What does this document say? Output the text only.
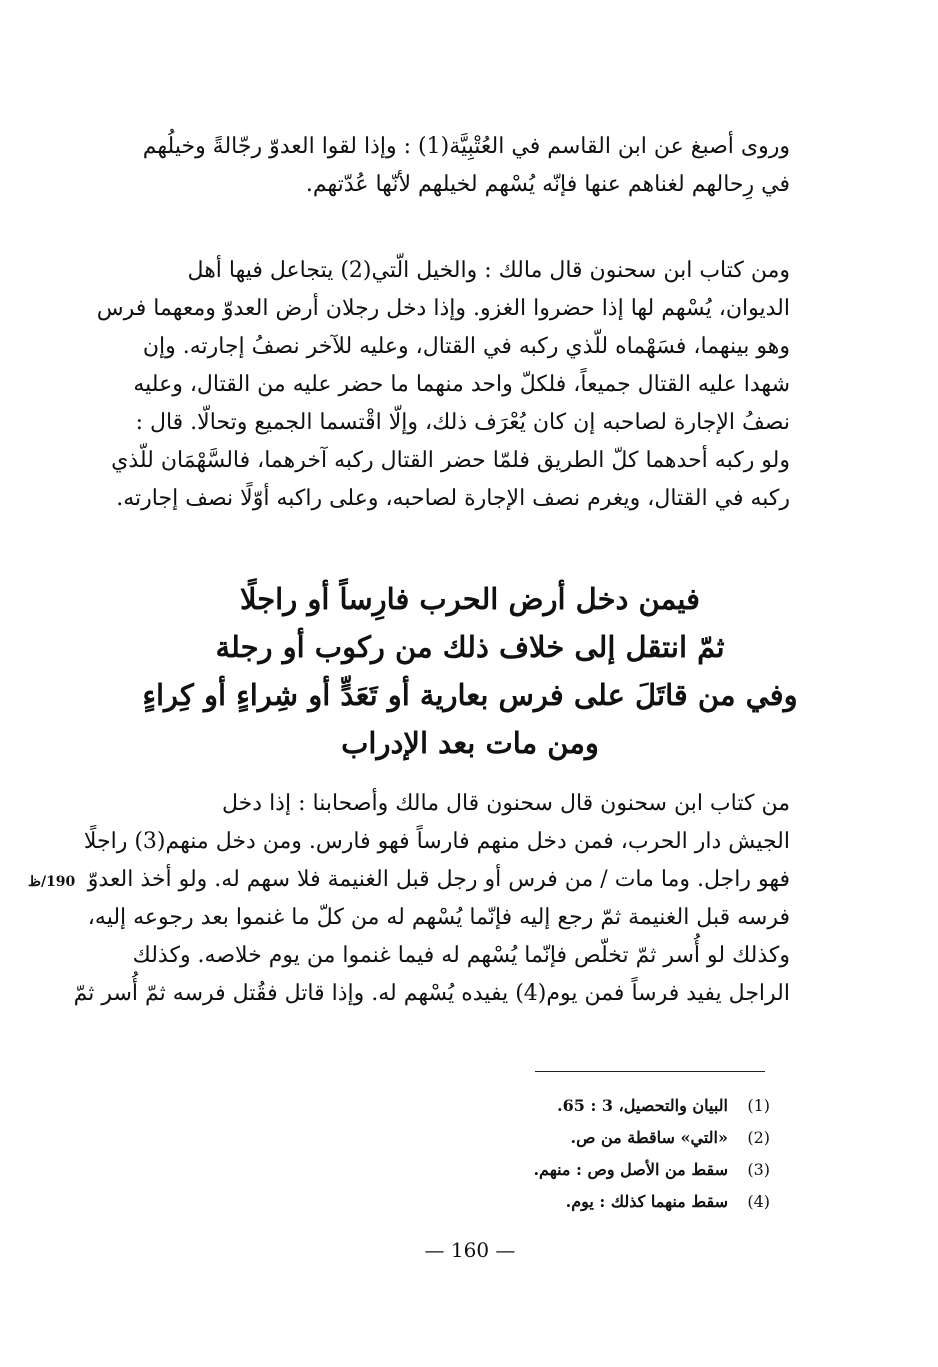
وروى أصبغ عن ابن القاسم في العُتْبِيَّة(1) : وإذا لقوا العدوّ رجّالةً وخيلُهم
في رِحالهم لغناهم عنها فإنّه يُسْهم لخيلهم لأنّها عُدّتهم.
ومن كتاب ابن سحنون قال مالك : والخيل الّتي(2) يتجاعل فيها أهل
الديوان، يُسْهم لها إذا حضروا الغزو. وإذا دخل رجلان أرض العدوّ ومعهما فرس
وهو بينهما، فسَهْماه للّذي ركبه في القتال، وعليه للآخر نصفُ إجارته. وإن
شهدا عليه القتال جميعاً، فلكلّ واحد منهما ما حضر عليه من القتال، وعليه
نصفُ الإجارة لصاحبه إن كان يُعْرَف ذلك، وإلّا اقْتسما الجميع وتحالّا. قال :
ولو ركبه أحدهما كلّ الطريق فلمّا حضر القتال ركبه آخرهما، فالسَّهْمَان للّذي
ركبه في القتال، ويغرم نصف الإجارة لصاحبه، وعلى راكبه أوّلًا نصف إجارته.
فيمن دخل أرض الحرب فارِساً أو راجلًا
ثمّ انتقل إلى خلاف ذلك من ركوب أو رجلة
وفي من قاتَلَ على فرس بعارية أو تَعَدٍّ أو شِراءٍ أو كِراءٍ
ومن مات بعد الإدراب
من كتاب ابن سحنون قال سحنون قال مالك وأصحابنا : إذا دخل
الجيش دار الحرب، فمن دخل منهم فارساً فهو فارس. ومن دخل منهم(3) راجلًا
فهو راجل. وما مات / من فرس أو رجل قبل الغنيمة فلا سهم له. ولو أخذ العدوّ
فرسه قبل الغنيمة ثمّ رجع إليه فإنّما يُسْهم له من كلّ ما غنموا بعد رجوعه إليه،
وكذلك لو أُسر ثمّ تخلّص فإنّما يُسْهم له فيما غنموا من يوم خلاصه. وكذلك
الراجل يفيد فرساً فمن يوم(4) يفيده يُسْهم له. وإذا قاتل فقُتل فرسه ثمّ أُسر ثمّ
190/ظ
(1)
البيان والتحصيل، 3 : 65.
(2)
«التي» ساقطة من ص.
(3)
سقط من الأصل وص : منهم.
(4)
سقط منهما كذلك : يوم.
— 160 —
